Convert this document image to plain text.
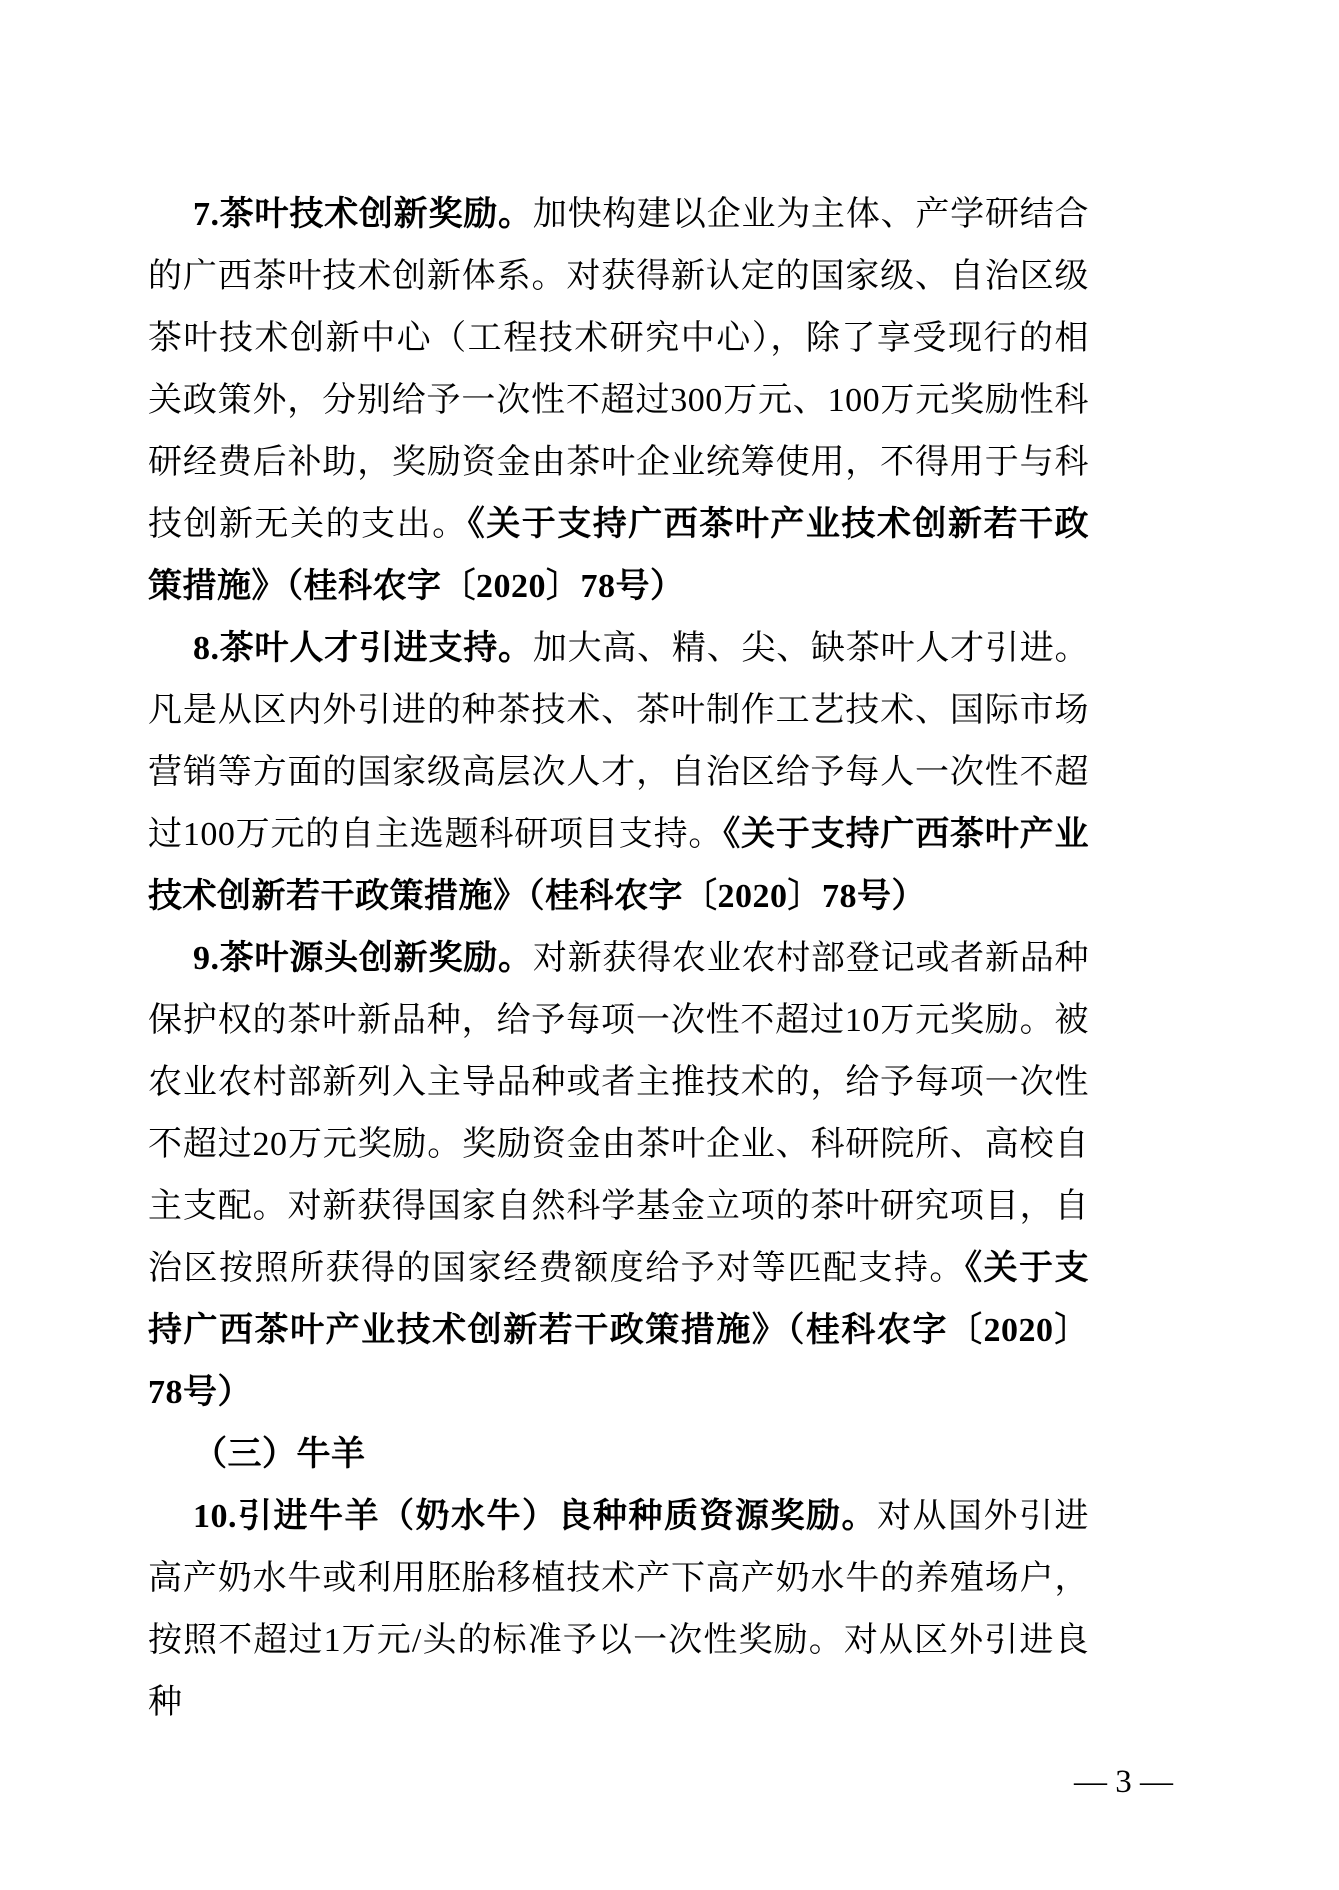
7.茶叶技术创新奖励。加快构建以企业为主体、产学研结合的广西茶叶技术创新体系。对获得新认定的国家级、自治区级茶叶技术创新中心（工程技术研究中心），除了享受现行的相关政策外，分别给予一次性不超过300万元、100万元奖励性科研经费后补助，奖励资金由茶叶企业统筹使用，不得用于与科技创新无关的支出。《关于支持广西茶叶产业技术创新若干政策措施》（桂科农字〔2020〕78号）

8.茶叶人才引进支持。加大高、精、尖、缺茶叶人才引进。凡是从区内外引进的种茶技术、茶叶制作工艺技术、国际市场营销等方面的国家级高层次人才，自治区给予每人一次性不超过100万元的自主选题科研项目支持。《关于支持广西茶叶产业技术创新若干政策措施》（桂科农字〔2020〕78号）

9.茶叶源头创新奖励。对新获得农业农村部登记或者新品种保护权的茶叶新品种，给予每项一次性不超过10万元奖励。被农业农村部新列入主导品种或者主推技术的，给予每项一次性不超过20万元奖励。奖励资金由茶叶企业、科研院所、高校自主支配。对新获得国家自然科学基金立项的茶叶研究项目，自治区按照所获得的国家经费额度给予对等匹配支持。《关于支持广西茶叶产业技术创新若干政策措施》（桂科农字〔2020〕78号）

（三）牛羊

10.引进牛羊（奶水牛）良种种质资源奖励。对从国外引进高产奶水牛或利用胚胎移植技术产下高产奶水牛的养殖场户，按照不超过1万元/头的标准予以一次性奖励。对从区外引进良种

— 3 —
